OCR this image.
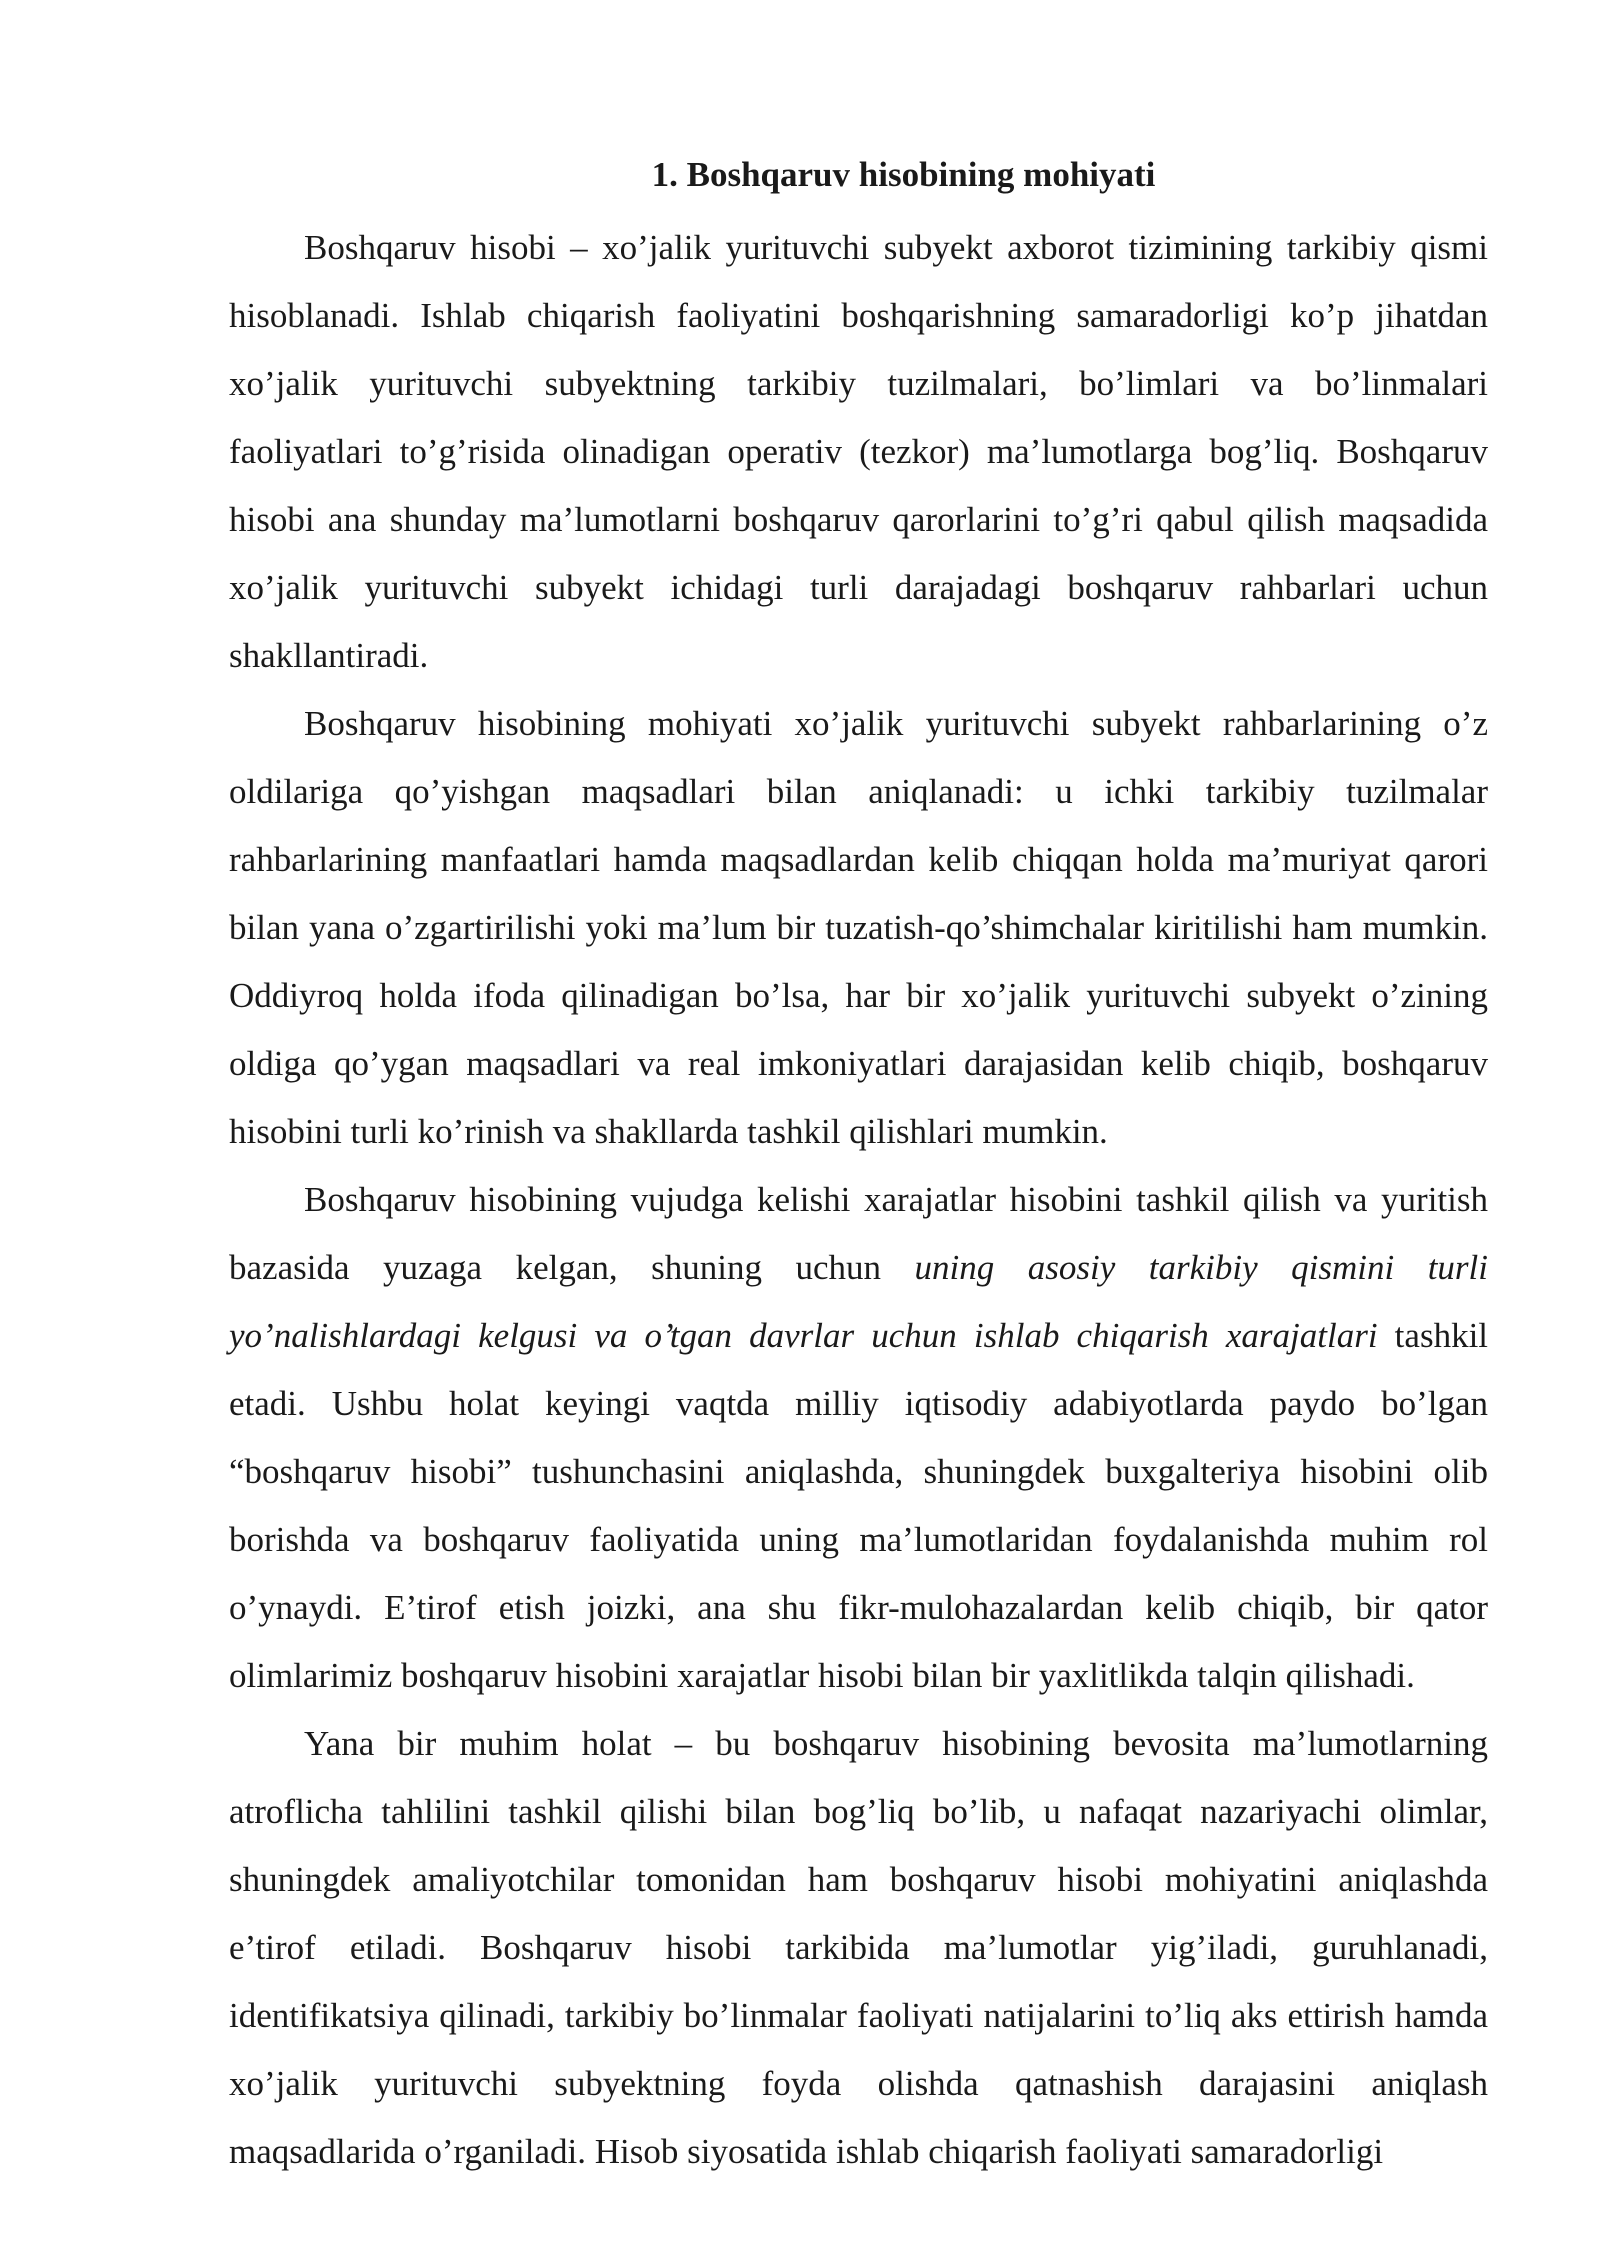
1. Boshqaruv hisobining mohiyati

Boshqaruv hisobi – xo’jalik yurituvchi subyekt axborot tizimining tarkibiy qismi hisoblanadi. Ishlab chiqarish faoliyatini boshqarishning samaradorligi ko’p jihatdan xo’jalik yurituvchi subyektning tarkibiy tuzilmalari, bo’limlari va bo’linmalari faoliyatlari to’g’risida olinadigan operativ (tezkor) ma’lumotlarga bog’liq. Boshqaruv hisobi ana shunday ma’lumotlarni boshqaruv qarorlarini to’g’ri qabul qilish maqsadida xo’jalik yurituvchi subyekt ichidagi turli darajadagi boshqaruv rahbarlari uchun shakllantiradi.

Boshqaruv hisobining mohiyati xo’jalik yurituvchi subyekt rahbarlarining o’z oldilariga qo’yishgan maqsadlari bilan aniqlanadi: u ichki tarkibiy tuzilmalar rahbarlarining manfaatlari hamda maqsadlardan kelib chiqqan holda ma’muriyat qarori bilan yana o’zgartirilishi yoki ma’lum bir tuzatish-qo’shimchalar kiritilishi ham mumkin. Oddiyroq holda ifoda qilinadigan bo’lsa, har bir xo’jalik yurituvchi subyekt o’zining oldiga qo’ygan maqsadlari va real imkoniyatlari darajasidan kelib chiqib, boshqaruv hisobini turli ko’rinish va shakllarda tashkil qilishlari mumkin.

Boshqaruv hisobining vujudga kelishi xarajatlar hisobini tashkil qilish va yuritish bazasida yuzaga kelgan, shuning uchun uning asosiy tarkibiy qismini turli yo’nalishlardagi kelgusi va o’tgan davrlar uchun ishlab chiqarish xarajatlari tashkil etadi. Ushbu holat keyingi vaqtda milliy iqtisodiy adabiyotlarda paydo bo’lgan “boshqaruv hisobi” tushunchasini aniqlashda, shuningdek buxgalteriya hisobini olib borishda va boshqaruv faoliyatida uning ma’lumotlaridan foydalanishda muhim rol o’ynaydi. E’tirof etish joizki, ana shu fikr-mulohazalardan kelib chiqib, bir qator olimlarimiz boshqaruv hisobini xarajatlar hisobi bilan bir yaxlitlikda talqin qilishadi.

Yana bir muhim holat – bu boshqaruv hisobining bevosita ma’lumotlarning atroflicha tahlilini tashkil qilishi bilan bog’liq bo’lib, u nafaqat nazariyachi olimlar, shuningdek amaliyotchilar tomonidan ham boshqaruv hisobi mohiyatini aniqlashda e’tirof etiladi. Boshqaruv hisobi tarkibida ma’lumotlar yig’iladi, guruhlanadi, identifikatsiya qilinadi, tarkibiy bo’linmalar faoliyati natijalarini to’liq aks ettirish hamda xo’jalik yurituvchi subyektning foyda olishda qatnashish darajasini aniqlash maqsadlarida o’rganiladi. Hisob siyosatida ishlab chiqarish faoliyati samaradorligi
